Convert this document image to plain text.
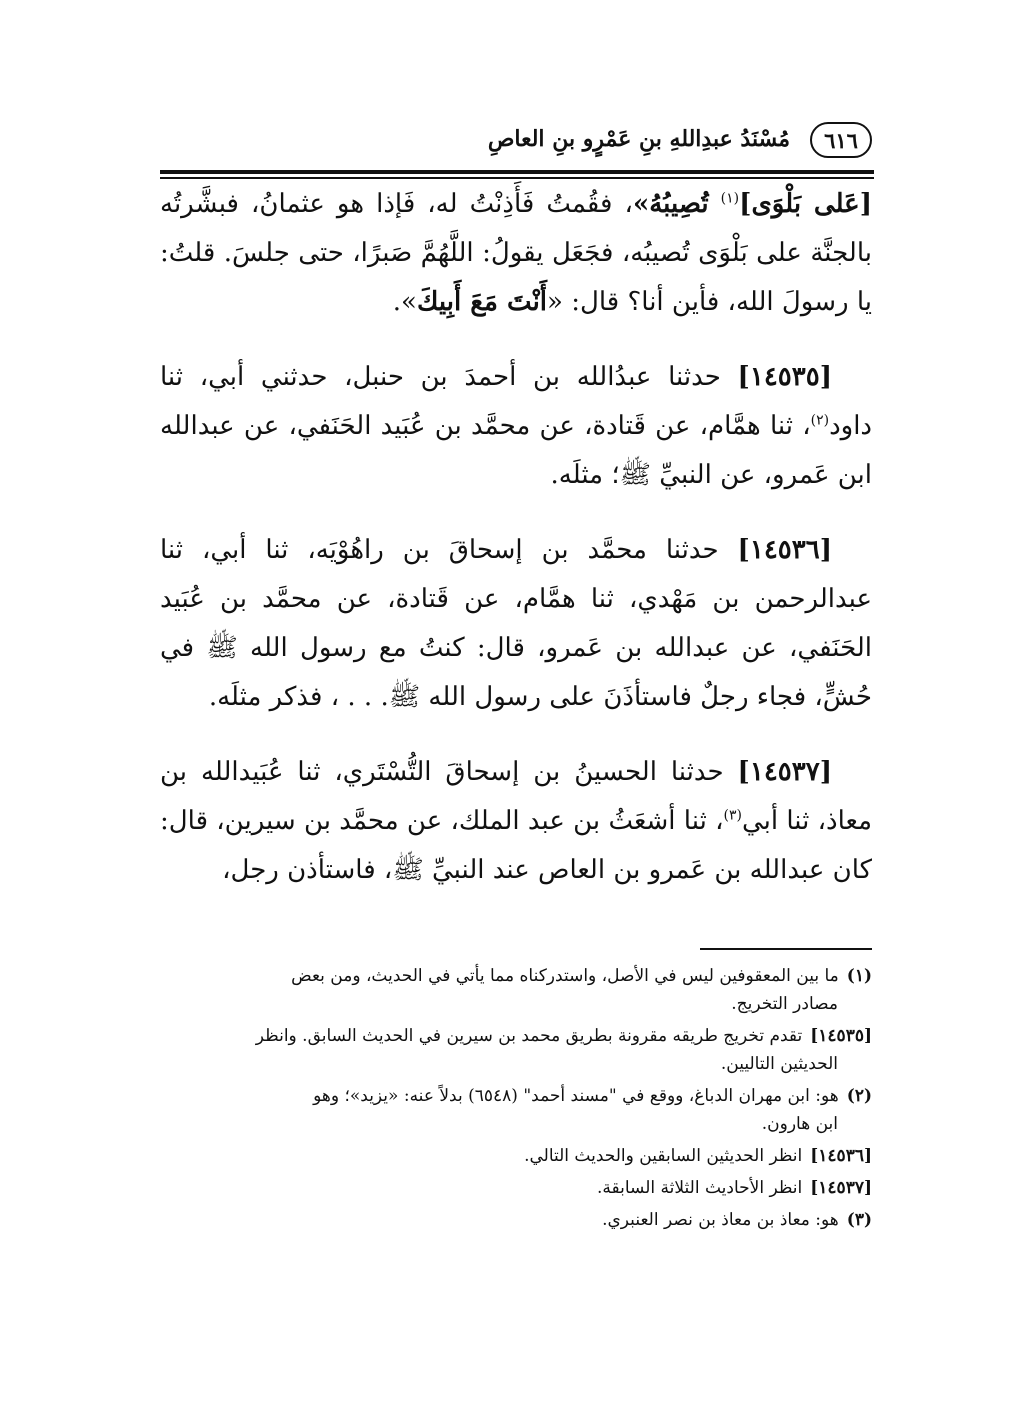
٦١٦
مُسْنَدُ عبدِاللهِ بنِ عَمْرٍو بنِ العاصِ

[عَلى بَلْوَى]$^{(١)}$ تُصِيبُهُ»، فقُمتُ فَأَذِنْتُ له، فَإذا هو عثمانُ، فبشَّرتُه بالجنَّة على بَلْوَى تُصيبُه، فجَعَل يقولُ: اللَّهُمَّ صَبرًا، حتى جلسَ. قلتُ: يا رسولَ الله، فأين أنا؟ قال: «أَنْتَ مَعَ أَبِيكَ».

[١٤٥٣٥] حدثنا عبدُالله بن أحمدَ بن حنبل، حدثني أبي، ثنا داود$^{(٢)}$، ثنا همَّام، عن قَتادة، عن محمَّد بن عُبَيد الحَنَفي، عن عبدالله ابن عَمرو، عن النبيِّ ﷺ؛ مثلَه.

[١٤٥٣٦] حدثنا محمَّد بن إسحاقَ بن راهُوْيَه، ثنا أبي، ثنا عبدالرحمن بن مَهْدي، ثنا همَّام، عن قَتادة، عن محمَّد بن عُبَيد الحَنَفي، عن عبدالله بن عَمرو، قال: كنتُ مع رسول الله ﷺ في حُشٍّ، فجاء رجلٌ فاستأذَنَ على رسول الله ﷺ. . . ، فذكر مثلَه.

[١٤٥٣٧] حدثنا الحسينُ بن إسحاقَ التُّسْتَري، ثنا عُبَيدالله بن معاذ، ثنا أبي$^{(٣)}$، ثنا أشعَثُ بن عبد الملك، عن محمَّد بن سيرين، قال: كان عبدالله بن عَمرو بن العاص عند النبيِّ ﷺ، فاستأذن رجل،

(١)ما بين المعقوفين ليس في الأصل، واستدركناه مما يأتي في الحديث، ومن بعض
مصادر التخريج.

[١٤٥٣٥]تقدم تخريج طريقه مقرونة بطريق محمد بن سيرين في الحديث السابق. وانظر
الحديثين التاليين.

(٢)هو: ابن مهران الدباغ، ووقع في "مسند أحمد" (٦٥٤٨) بدلاً عنه: «يزيد»؛ وهو
ابن هارون.

[١٤٥٣٦]انظر الحديثين السابقين والحديث التالي.

[١٤٥٣٧]انظر الأحاديث الثلاثة السابقة.

(٣)هو: معاذ بن معاذ بن نصر العنبري.
